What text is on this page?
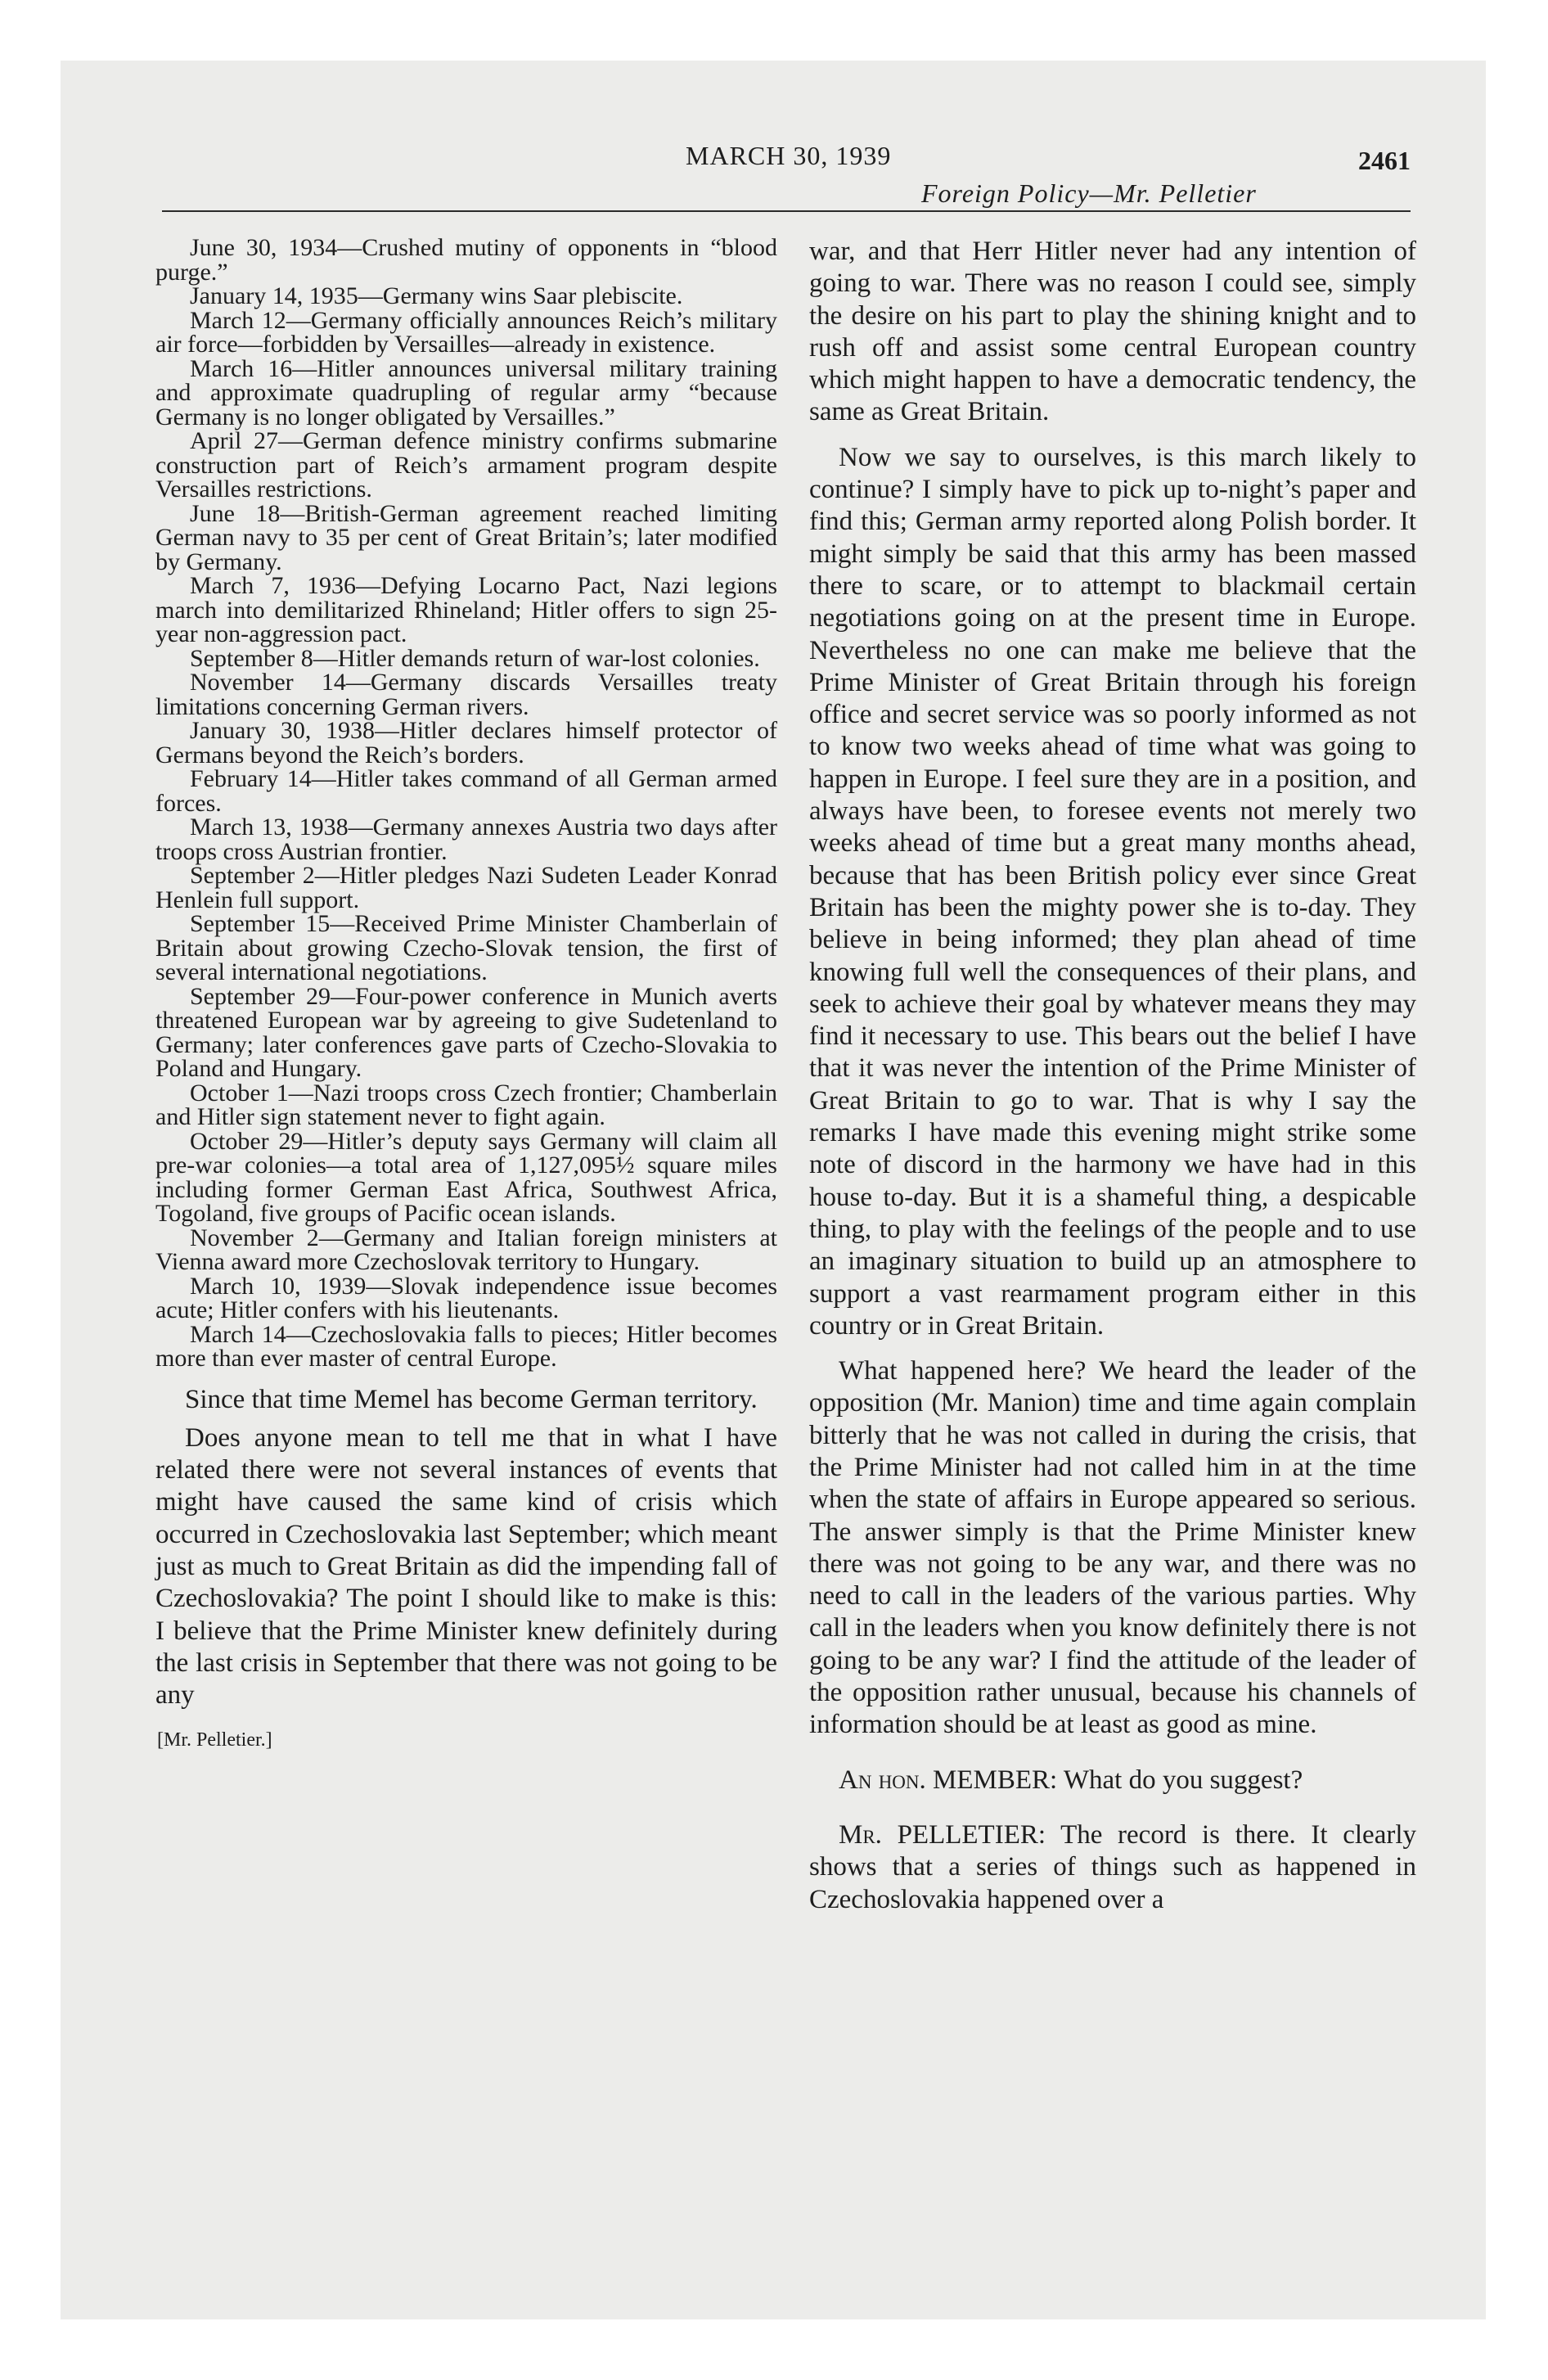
MARCH 30, 1939	2461
Foreign Policy—Mr. Pelletier

June 30, 1934—Crushed mutiny of opponents in “blood purge.”

January 14, 1935—Germany wins Saar plebiscite.

March 12—Germany officially announces Reich’s military air force—forbidden by Versailles—already in existence.

March 16—Hitler announces universal military training and approximate quadrupling of regular army “because Germany is no longer obligated by Versailles.”

April 27—German defence ministry confirms submarine construction part of Reich’s armament program despite Versailles restrictions.

June 18—British-German agreement reached limiting German navy to 35 per cent of Great Britain’s; later modified by Germany.

March 7, 1936—Defying Locarno Pact, Nazi legions march into demilitarized Rhineland; Hitler offers to sign 25-year non-aggression pact.

September 8—Hitler demands return of war-lost colonies.

November 14—Germany discards Versailles treaty limitations concerning German rivers.

January 30, 1938—Hitler declares himself protector of Germans beyond the Reich’s borders.

February 14—Hitler takes command of all German armed forces.

March 13, 1938—Germany annexes Austria two days after troops cross Austrian frontier.

September 2—Hitler pledges Nazi Sudeten Leader Konrad Henlein full support.

September 15—Received Prime Minister Chamberlain of Britain about growing Czecho-Slovak tension, the first of several international negotiations.

September 29—Four-power conference in Munich averts threatened European war by agreeing to give Sudetenland to Germany; later conferences gave parts of Czecho-Slovakia to Poland and Hungary.

October 1—Nazi troops cross Czech frontier; Chamberlain and Hitler sign statement never to fight again.

October 29—Hitler’s deputy says Germany will claim all pre-war colonies—a total area of 1,127,095½ square miles including former German East Africa, Southwest Africa, Togoland, five groups of Pacific ocean islands.

November 2—Germany and Italian foreign ministers at Vienna award more Czechoslovak territory to Hungary.

March 10, 1939—Slovak independence issue becomes acute; Hitler confers with his lieutenants.

March 14—Czechoslovakia falls to pieces; Hitler becomes more than ever master of central Europe.

Since that time Memel has become German territory.

Does anyone mean to tell me that in what I have related there were not several instances of events that might have caused the same kind of crisis which occurred in Czechoslovakia last September; which meant just as much to Great Britain as did the impending fall of Czechoslovakia? The point I should like to make is this: I believe that the Prime Minister knew definitely during the last crisis in September that there was not going to be any

[Mr. Pelletier.]

war, and that Herr Hitler never had any intention of going to war. There was no reason I could see, simply the desire on his part to play the shining knight and to rush off and assist some central European country which might happen to have a democratic tendency, the same as Great Britain.

Now we say to ourselves, is this march likely to continue? I simply have to pick up to-night’s paper and find this; German army reported along Polish border. It might simply be said that this army has been massed there to scare, or to attempt to blackmail certain negotiations going on at the present time in Europe. Nevertheless no one can make me believe that the Prime Minister of Great Britain through his foreign office and secret service was so poorly informed as not to know two weeks ahead of time what was going to happen in Europe. I feel sure they are in a position, and always have been, to foresee events not merely two weeks ahead of time but a great many months ahead, because that has been British policy ever since Great Britain has been the mighty power she is to-day. They believe in being informed; they plan ahead of time knowing full well the consequences of their plans, and seek to achieve their goal by whatever means they may find it necessary to use. This bears out the belief I have that it was never the intention of the Prime Minister of Great Britain to go to war. That is why I say the remarks I have made this evening might strike some note of discord in the harmony we have had in this house to-day. But it is a shameful thing, a despicable thing, to play with the feelings of the people and to use an imaginary situation to build up an atmosphere to support a vast rearmament program either in this country or in Great Britain.

What happened here? We heard the leader of the opposition (Mr. Manion) time and time again complain bitterly that he was not called in during the crisis, that the Prime Minister had not called him in at the time when the state of affairs in Europe appeared so serious. The answer simply is that the Prime Minister knew there was not going to be any war, and there was no need to call in the leaders of the various parties. Why call in the leaders when you know definitely there is not going to be any war? I find the attitude of the leader of the opposition rather unusual, because his channels of information should be at least as good as mine.

An hon. MEMBER: What do you suggest?

Mr. PELLETIER: The record is there. It clearly shows that a series of things such as happened in Czechoslovakia happened over a
